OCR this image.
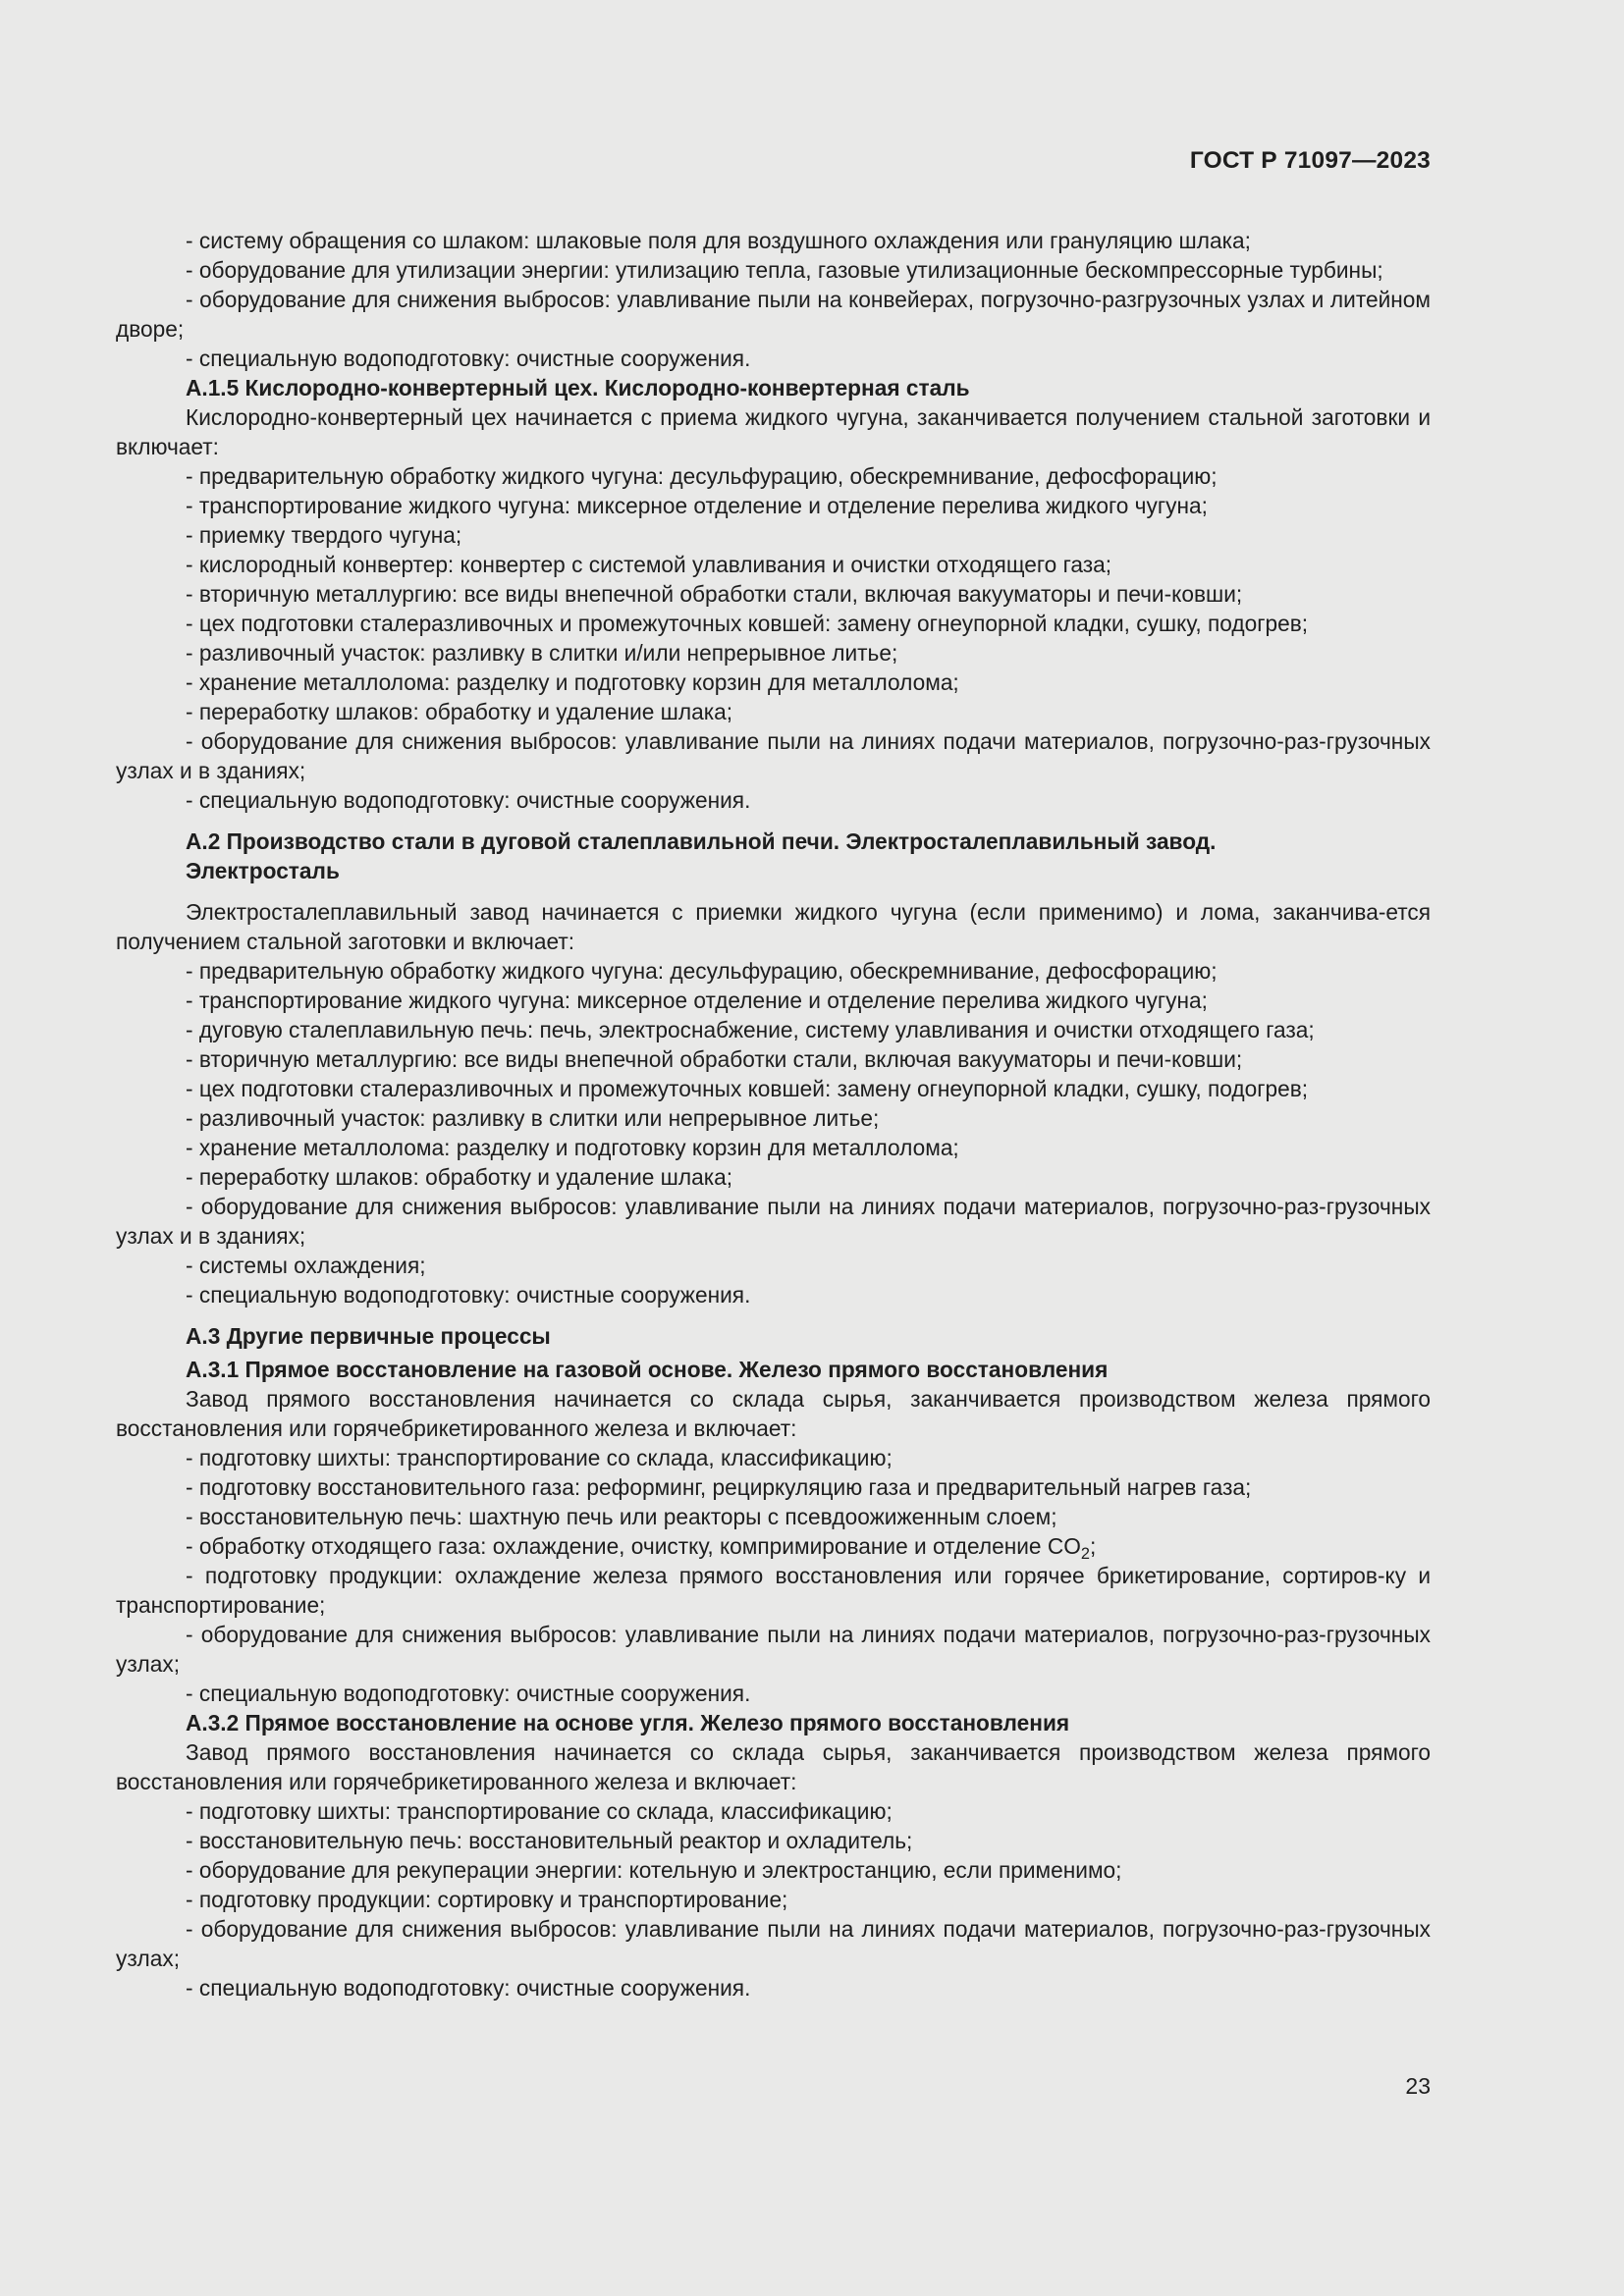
ГОСТ Р 71097—2023

- систему обращения со шлаком: шлаковые поля для воздушного охлаждения или грануляцию шлака;

- оборудование для утилизации энергии: утилизацию тепла, газовые утилизационные бескомпрессорные турбины;

- оборудование для снижения выбросов: улавливание пыли на конвейерах, погрузочно-разгрузочных узлах и литейном дворе;

- специальную водоподготовку: очистные сооружения.

А.1.5 Кислородно-конвертерный цех. Кислородно-конвертерная сталь

Кислородно-конвертерный цех начинается с приема жидкого чугуна, заканчивается получением стальной заготовки и включает:

- предварительную обработку жидкого чугуна: десульфурацию, обескремнивание, дефосфорацию;

- транспортирование жидкого чугуна: миксерное отделение и отделение перелива жидкого чугуна;

- приемку твердого чугуна;

- кислородный конвертер: конвертер с системой улавливания и очистки отходящего газа;

- вторичную металлургию: все виды внепечной обработки стали, включая вакууматоры и печи-ковши;

- цех подготовки сталеразливочных и промежуточных ковшей: замену огнеупорной кладки, сушку, подогрев;

- разливочный участок: разливку в слитки и/или непрерывное литье;

- хранение металлолома: разделку и подготовку корзин для металлолома;

- переработку шлаков: обработку и удаление шлака;

- оборудование для снижения выбросов: улавливание пыли на линиях подачи материалов, погрузочно-раз-грузочных узлах и в зданиях;

- специальную водоподготовку: очистные сооружения.

А.2 Производство стали в дуговой сталеплавильной печи. Электросталеплавильный завод.
Электросталь

Электросталеплавильный завод начинается с приемки жидкого чугуна (если применимо) и лома, заканчива-ется получением стальной заготовки и включает:

- предварительную обработку жидкого чугуна: десульфурацию, обескремнивание, дефосфорацию;

- транспортирование жидкого чугуна: миксерное отделение и отделение перелива жидкого чугуна;

- дуговую сталеплавильную печь: печь, электроснабжение, систему улавливания и очистки отходящего газа;

- вторичную металлургию: все виды внепечной обработки стали, включая вакууматоры и печи-ковши;

- цех подготовки сталеразливочных и промежуточных ковшей: замену огнеупорной кладки, сушку, подогрев;

- разливочный участок: разливку в слитки или непрерывное литье;

- хранение металлолома: разделку и подготовку корзин для металлолома;

- переработку шлаков: обработку и удаление шлака;

- оборудование для снижения выбросов: улавливание пыли на линиях подачи материалов, погрузочно-раз-грузочных узлах и в зданиях;

- системы охлаждения;

- специальную водоподготовку: очистные сооружения.

А.3 Другие первичные процессы

А.3.1 Прямое восстановление на газовой основе. Железо прямого восстановления

Завод прямого восстановления начинается со склада сырья, заканчивается производством железа прямого восстановления или горячебрикетированного железа и включает:

- подготовку шихты: транспортирование со склада, классификацию;

- подготовку восстановительного газа: реформинг, рециркуляцию газа и предварительный нагрев газа;

- восстановительную печь: шахтную печь или реакторы с псевдоожиженным слоем;

- обработку отходящего газа: охлаждение, очистку, компримирование и отделение $CO_2$;

- подготовку продукции: охлаждение железа прямого восстановления или горячее брикетирование, сортиров-ку и транспортирование;

- оборудование для снижения выбросов: улавливание пыли на линиях подачи материалов, погрузочно-раз-грузочных узлах;

- специальную водоподготовку: очистные сооружения.

А.3.2 Прямое восстановление на основе угля. Железо прямого восстановления

Завод прямого восстановления начинается со склада сырья, заканчивается производством железа прямого восстановления или горячебрикетированного железа и включает:

- подготовку шихты: транспортирование со склада, классификацию;

- восстановительную печь: восстановительный реактор и охладитель;

- оборудование для рекуперации энергии: котельную и электростанцию, если применимо;

- подготовку продукции: сортировку и транспортирование;

- оборудование для снижения выбросов: улавливание пыли на линиях подачи материалов, погрузочно-раз-грузочных узлах;

- специальную водоподготовку: очистные сооружения.

23
